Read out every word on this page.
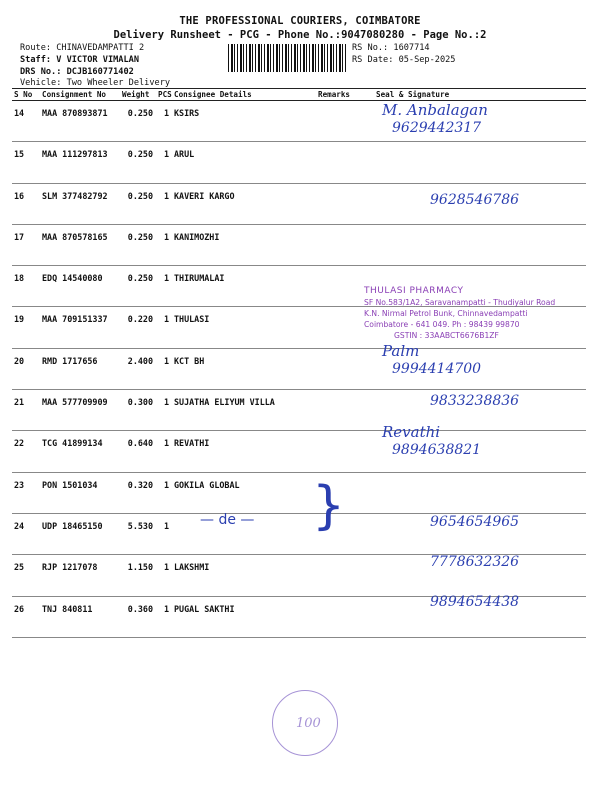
THE PROFESSIONAL COURIERS, COIMBATORE
Delivery Runsheet - PCG - Phone No.:9047080280 - Page No.:2
Route: CHINAVEDAMPATTI 2
Staff: V VICTOR VIMALAN
DRS No.: DCJB160771402
Vehicle: Two Wheeler Delivery
RS No.: 1607714
RS Date: 05-Sep-2025
S No	Consignment No	Weight	PCS	Consignee Details	Remarks	Seal & Signature
14	MAA 870893871	0.250	1	KSIRS		
15	MAA 111297813	0.250	1	ARUL		
16	SLM 377482792	0.250	1	KAVERI KARGO		
17	MAA 870578165	0.250	1	KANIMOZHI		
18	EDQ 14540080	0.250	1	THIRUMALAI		
19	MAA 709151337	0.220	1	THULASI		
20	RMD 1717656	2.400	1	KCT BH		
21	MAA 577709909	0.300	1	SUJATHA ELIYUM VILLA		
22	TCG 41899134	0.640	1	REVATHI		
23	PON 1501034	0.320	1	GOKILA GLOBAL		
24	UDP 18465150	5.530	1			
25	RJP 1217078	1.150	1	LAKSHMI		
26	TNJ 840811	0.360	1	PUGAL SAKTHI		
M. Anbalagan
9629442317
9628546786
Palm
9994414700
9833238836
Revathi
9894638821
9654654965
7778632326
9894654438
THULASI PHARMACY
SF No.583/1A2, Saravanampatti - Thudiyalur Road
K.N. Nirmal Petrol Bunk, Chinnavedampatti
Coimbatore - 641 049. Ph : 98439 99870
GSTIN : 33AABCT6676B1ZF
}
— de —
100
